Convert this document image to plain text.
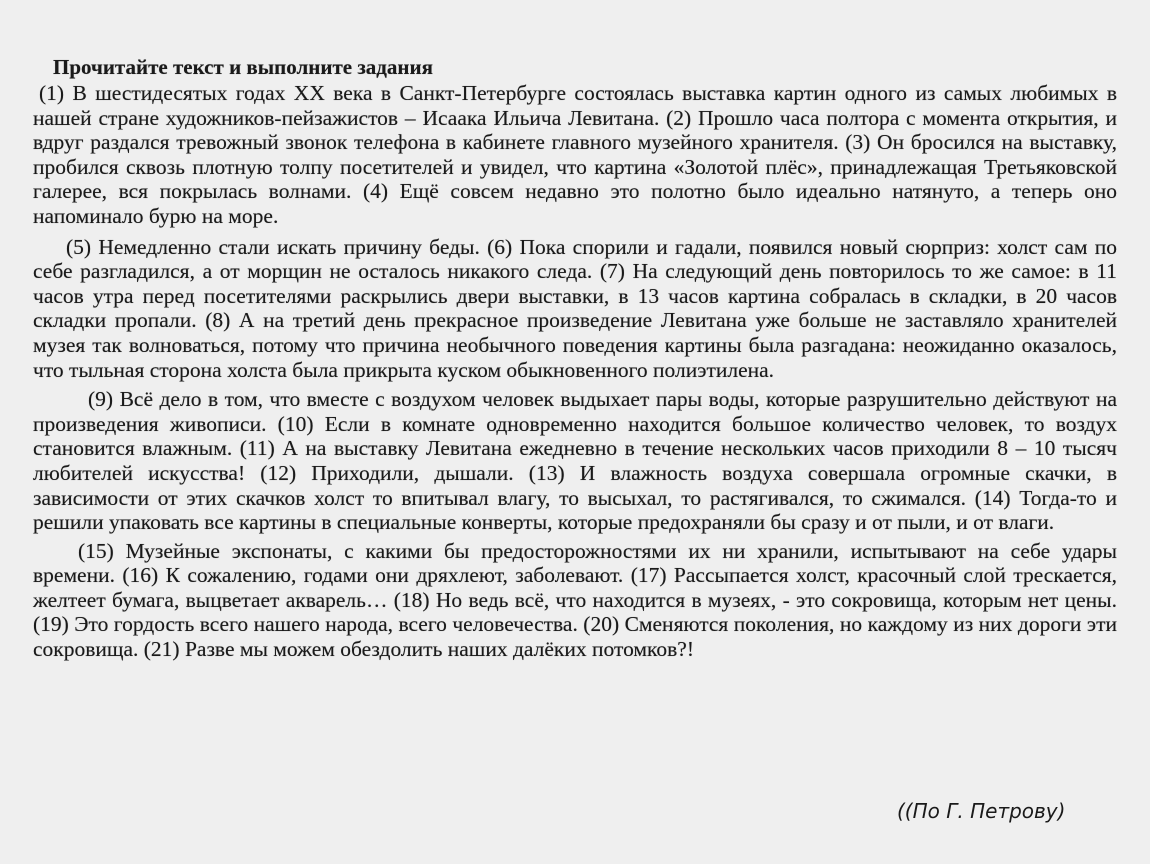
Прочитайте текст и выполните задания

(1) В шестидесятых годах XX века в Санкт-Петербурге состоялась выставка картин одного из самых любимых в нашей стране художников-пейзажистов – Исаака Ильича Левитана. (2) Прошло часа полтора с момента открытия, и вдруг раздался тревожный звонок телефона в кабинете главного музейного хранителя. (3) Он бросился на выставку, пробился сквозь плотную толпу посетителей и увидел, что картина «Золотой плёс», принадлежащая Третьяковской галерее, вся покрылась волнами. (4) Ещё совсем недавно это полотно было идеально натянуто, а теперь оно напоминало бурю на море.

(5) Немедленно стали искать причину беды. (6) Пока спорили и гадали, появился новый сюрприз: холст сам по себе разгладился, а от морщин не осталось никакого следа. (7) На следующий день повторилось то же самое: в 11 часов утра перед посетителями раскрылись двери выставки, в 13 часов картина собралась в складки, в 20 часов складки пропали. (8) А на третий день прекрасное произведение Левитана уже больше не заставляло хранителей музея так волноваться, потому что причина необычного поведения картины была разгадана: неожиданно оказалось, что тыльная сторона холста была прикрыта куском обыкновенного полиэтилена.

(9) Всё дело в том, что вместе с воздухом человек выдыхает пары воды, которые разрушительно действуют на произведения живописи. (10) Если в комнате одновременно находится большое количество человек, то воздух становится влажным. (11) А на выставку Левитана ежедневно в течение нескольких часов приходили 8 – 10 тысяч любителей искусства! (12) Приходили, дышали. (13) И влажность воздуха совершала огромные скачки, в зависимости от этих скачков холст то впитывал влагу, то высыхал, то растягивался, то сжимался. (14) Тогда-то и решили упаковать все картины в специальные конверты, которые предохраняли бы сразу и от пыли, и от влаги.

(15) Музейные экспонаты, с какими бы предосторожностями их ни хранили, испытывают на себе удары времени. (16) К сожалению, годами они дряхлеют, заболевают. (17) Рассыпается холст, красочный слой трескается, желтеет бумага, выцветает акварель… (18) Но ведь всё, что находится в музеях, - это сокровища, которым нет цены. (19) Это гордость всего нашего народа, всего человечества. (20) Сменяются поколения, но каждому из них дороги эти сокровища. (21) Разве мы можем обездолить наших далёких потомков?!

((По Г. Петрову)
